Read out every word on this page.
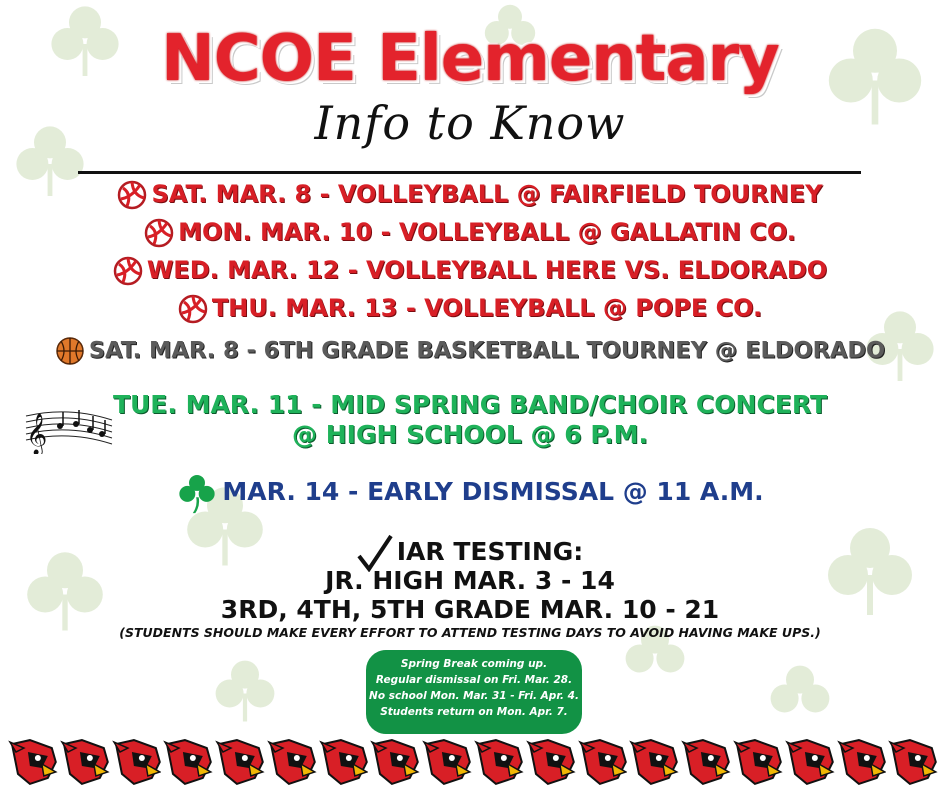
NCOE Elementary
Info to Know
SAT. MAR. 8 - VOLLEYBALL @ FAIRFIELD TOURNEY
MON. MAR. 10 - VOLLEYBALL @ GALLATIN CO.
WED. MAR. 12 - VOLLEYBALL HERE VS. ELDORADO
THU. MAR. 13 - VOLLEYBALL @ POPE CO.
SAT. MAR. 8 - 6TH GRADE BASKETBALL TOURNEY @ ELDORADO
𝄞
TUE. MAR. 11 - MID SPRING BAND/CHOIR CONCERT
@ HIGH SCHOOL @ 6 P.M.
MAR. 14 - EARLY DISMISSAL @ 11 A.M.
IAR TESTING:
JR. HIGH MAR. 3 - 14
3RD, 4TH, 5TH GRADE MAR. 10 - 21
(STUDENTS SHOULD MAKE EVERY EFFORT TO ATTEND TESTING DAYS TO AVOID HAVING MAKE UPS.)
Spring Break coming up.
Regular dismissal on Fri. Mar. 28.
No school Mon. Mar. 31 - Fri. Apr. 4.
Students return on Mon. Apr. 7.
